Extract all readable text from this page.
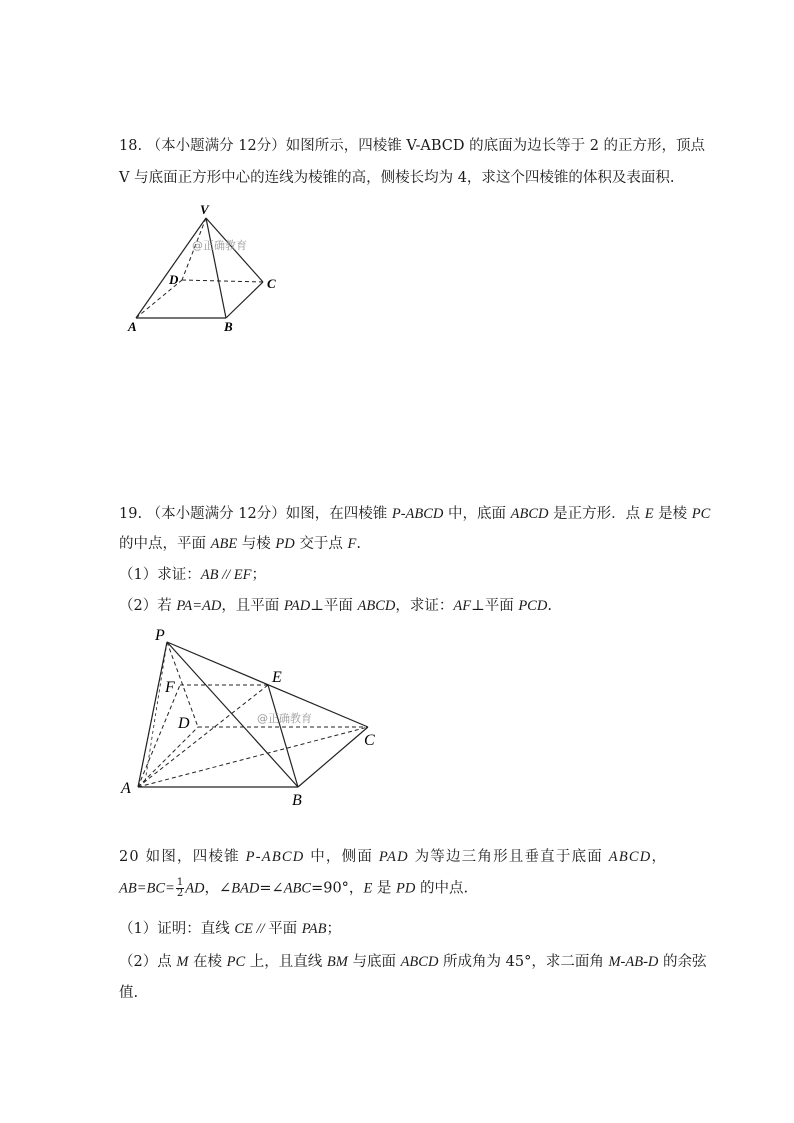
18. （本小题满分 12分）如图所示，四棱锥 V-ABCD 的底面为边长等于 2 的正方形，顶点
V 与底面正方形中心的连线为棱锥的高，侧棱长均为 4，求这个四棱锥的体积及表面积.
V
A	B
C
D
@正确教育
19. （本小题满分 12分）如图，在四棱锥 P-ABCD 中，底面 ABCD 是正方形．点 E 是棱 PC
的中点，平面 ABE 与棱 PD 交于点 F.
（1）求证：AB // EF；
（2）若 PA=AD，且平面 PAD⊥平面 ABCD，求证：AF⊥平面 PCD.
P
A
B
C
D
E
F
@正确教育
20 如图，四棱锥 P-ABCD 中，侧面 PAD 为等边三角形且垂直于底面 ABCD，
$AB=BC= \frac{1}{2}$ AD，∠BAD=∠ABC=90°，E 是 PD 的中点.
（1）证明：直线 CE // 平面 PAB；
（2）点 M 在棱 PC 上，且直线 BM 与底面 ABCD 所成角为 45°，求二面角 M-AB-D 的余弦
值.
